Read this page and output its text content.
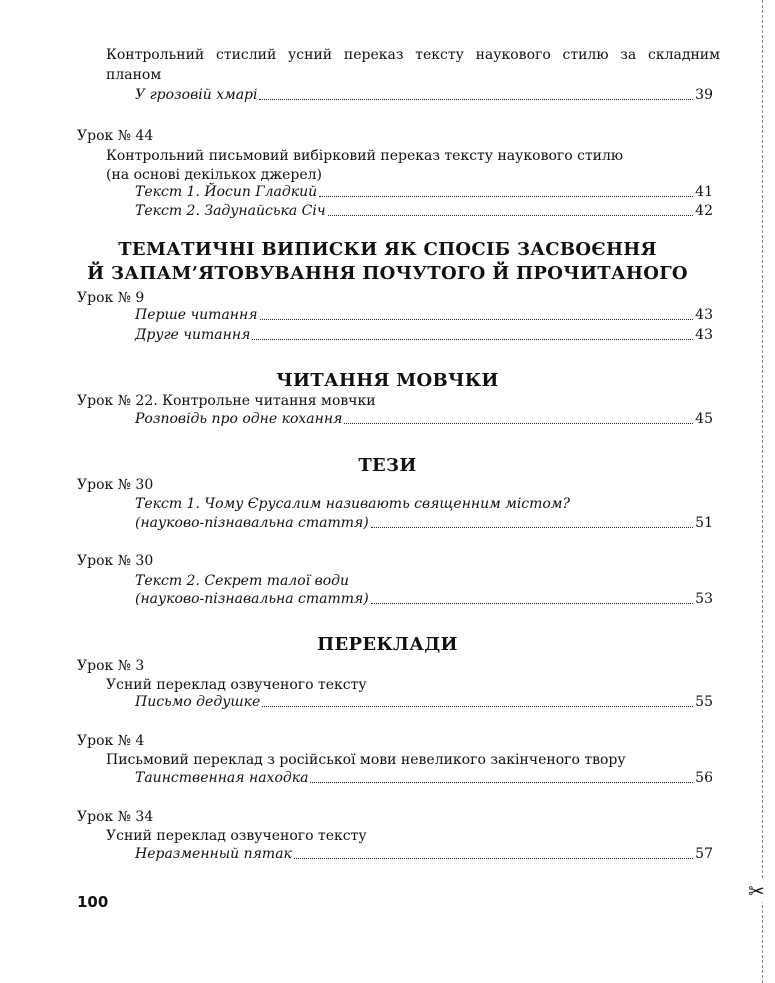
Контрольний стислий усний переказ тексту наукового стилю за складним
планом
У грозовій хмарі	39
Урок № 44
Контрольний письмовий вибірковий переказ тексту наукового стилю
(на основі декількох джерел)
Текст 1. Йосип Гладкий	41
Текст 2. Задунайська Січ	42
ТЕМАТИЧНІ ВИПИСКИ ЯК СПОСІБ ЗАСВОЄННЯ
Й ЗАПАМ’ЯТОВУВАННЯ ПОЧУТОГО Й ПРОЧИТАНОГО
Урок № 9
Перше читання	43
Друге читання	43
ЧИТАННЯ МОВЧКИ
Урок № 22. Контрольне читання мовчки
Розповідь про одне кохання	45
ТЕЗИ
Урок № 30
Текст 1. Чому Єрусалим називають священним містом?
(науково-пізнавальна стаття)	51
Урок № 30
Текст 2. Секрет талої води
(науково-пізнавальна стаття)	53
ПЕРЕКЛАДИ
Урок № 3
Усний переклад озвученого тексту
Письмо дедушке	55
Урок № 4
Письмовий переклад з російської мови невеликого закінченого твору
Таинственная находка	56
Урок № 34
Усний переклад озвученого тексту
Неразменный пятак	57
100	✂
